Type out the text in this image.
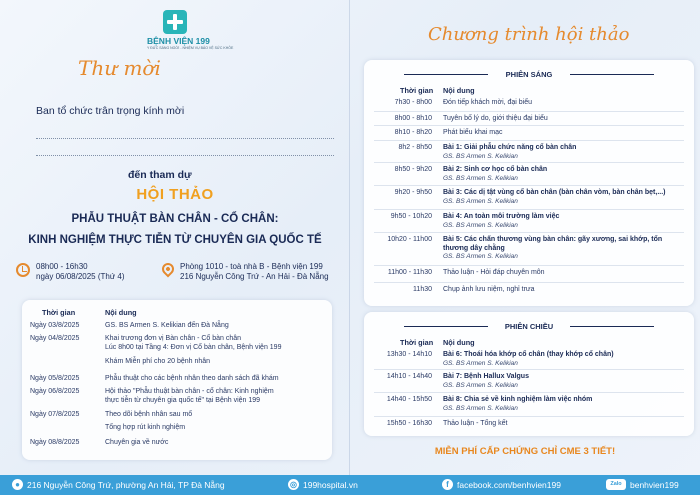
BỆNH VIỆN 199
Y ĐỨC SÁNG NGỜI - NHIỆM VỤ BẢO VỆ SỨC KHỎE
Thư mời
Ban tổ chức trân trọng kính mời
đến tham dự
HỘI THẢO
PHẪU THUẬT BÀN CHÂN - CỔ CHÂN:
KINH NGHIỆM THỰC TIỄN TỪ CHUYÊN GIA QUỐC TẾ
08h00 - 16h30
ngày 06/08/2025 (Thứ 4)
Phòng 1010 - toà nhà B - Bệnh viện 199
216 Nguyễn Công Trứ - An Hải - Đà Nẵng
Thời gian	Nội dung
Ngày 03/8/2025	GS. BS Armen S. Kelikian đến Đà Nẵng
Ngày 04/8/2025	Khai trương đơn vị Bàn chân - Cổ bàn chân
Lúc 8h00 tại Tầng 4: Đơn vị Cổ bàn chân, Bệnh viện 199
Khám Miễn phí cho 20 bệnh nhân
Ngày 05/8/2025	Phẫu thuật cho các bệnh nhân theo danh sách đã khám
Ngày 06/8/2025	Hội thảo "Phẫu thuật bàn chân - cổ chân: Kinh nghiệm
thực tiễn từ chuyên gia quốc tế" tại Bệnh viện 199
Ngày 07/8/2025	Theo dõi bệnh nhân sau mổ
Tổng hợp rút kinh nghiệm
Ngày 08/8/2025	Chuyên gia về nước
Chương trình hội thảo
PHIÊN SÁNG
Thời gian Nội dung
7h30 - 8h00 Đón tiếp khách mời, đại biểu
8h00 - 8h10 Tuyên bố lý do, giới thiệu đại biểu
8h10 - 8h20 Phát biểu khai mạc
8h2 - 8h50 Bài 1: Giải phẫu chức năng cổ bàn chân
GS. BS Armen S. Kelikian
8h50 - 9h20 Bài 2: Sinh cơ học cổ bàn chân
GS. BS Armen S. Kelikian
9h20 - 9h50 Bài 3: Các dị tật vùng cổ bàn chân (bàn chân vòm, bàn chân bẹt,...)
GS. BS Armen S. Kelikian
9h50 - 10h20 Bài 4: An toàn môi trường làm việc
GS. BS Armen S. Kelikian
10h20 - 11h00 Bài 5: Các chấn thương vùng bàn chân: gãy xương, sai khớp, tổn thương dây chằng
GS. BS Armen S. Kelikian
11h00 - 11h30 Thảo luận - Hỏi đáp chuyên môn
11h30 Chụp ảnh lưu niệm, nghỉ trưa
PHIÊN CHIỀU
Thời gian Nội dung
13h30 - 14h10 Bài 6: Thoái hóa khớp cổ chân (thay khớp cổ chân)
GS. BS Armen S. Kelikian
14h10 - 14h40 Bài 7: Bệnh Hallux Valgus
GS. BS Armen S. Kelikian
14h40 - 15h50 Bài 8: Chia sẻ về kinh nghiệm làm việc nhóm
GS. BS Armen S. Kelikian
15h50 - 16h30 Thảo luận - Tổng kết
MIỄN PHÍ CẤP CHỨNG CHỈ CME 3 TIẾT!
● 216 Nguyễn Công Trứ, phường An Hải, TP Đà Nẵng	◎ 199hospital.vn	f facebook.com/benhvien199	Zalo benhvien199
